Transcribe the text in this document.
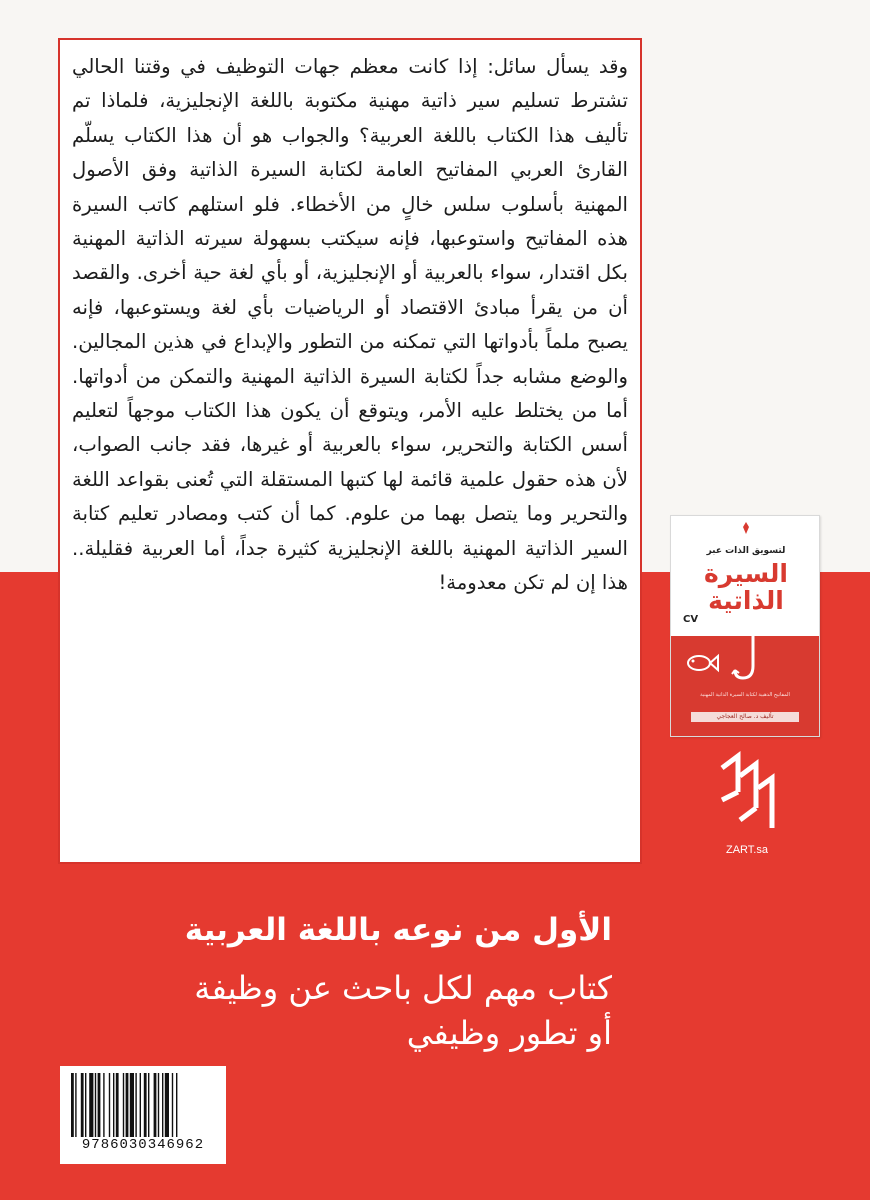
وقد يسأل سائل: إذا كانت معظم جهات التوظيف في وقتنا الحالي تشترط تسليم سير ذاتية مهنية مكتوبة باللغة الإنجليزية، فلماذا تم تأليف هذا الكتاب باللغة العربية؟ والجواب هو أن هذا الكتاب يسلّم القارئ العربي المفاتيح العامة لكتابة السيرة الذاتية وفق الأصول المهنية بأسلوب سلس خالٍ من الأخطاء. فلو استلهم كاتب السيرة هذه المفاتيح واستوعبها، فإنه سيكتب بسهولة سيرته الذاتية المهنية بكل اقتدار، سواء بالعربية أو الإنجليزية، أو بأي لغة حية أخرى. والقصد أن من يقرأ مبادئ الاقتصاد أو الرياضيات بأي لغة ويستوعبها، فإنه يصبح ملماً بأدواتها التي تمكنه من التطور والإبداع في هذين المجالين. والوضع مشابه جداً لكتابة السيرة الذاتية المهنية والتمكن من أدواتها. أما من يختلط عليه الأمر، ويتوقع أن يكون هذا الكتاب موجهاً لتعليم أسس الكتابة والتحرير، سواء بالعربية أو غيرها، فقد جانب الصواب، لأن هذه حقول علمية قائمة لها كتبها المستقلة التي تُعنى بقواعد اللغة والتحرير وما يتصل بهما من علوم. كما أن كتب ومصادر تعليم كتابة السير الذاتية المهنية باللغة الإنجليزية كثيرة جداً، أما العربية فقليلة.. هذا إن لم تكن معدومة!
لتسويق الذات عبر
السيرة
الذاتية
CV
المفاتيح الذهبية لكتابة السيرة الذاتية المهنية
تأليف د. صالح العجاجي
ZART.sa
الأول من نوعه باللغة العربية
كتاب مهم لكل باحث عن وظيفة
أو تطور وظيفي
9786030346962
